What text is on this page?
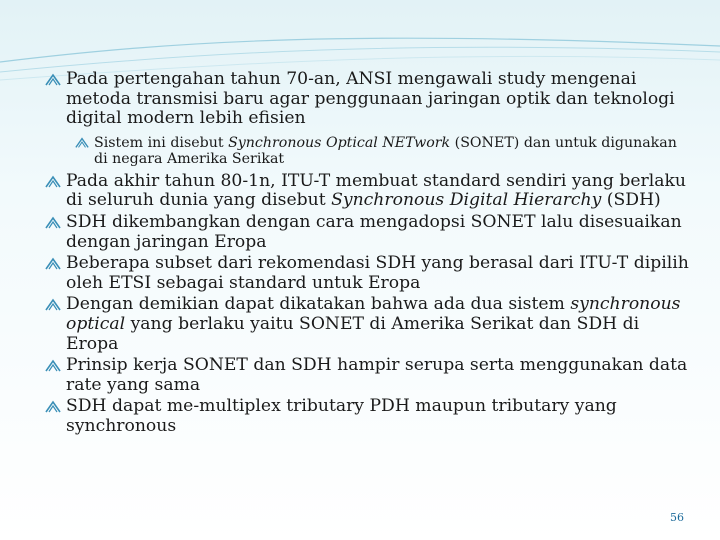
Pada pertengahan tahun 70-an, ANSI mengawali study mengenai metoda transmisi baru agar penggunaan jaringan optik dan teknologi digital modern lebih efisien
Sistem ini disebut Synchronous Optical NETwork (SONET) dan untuk digunakan di negara Amerika Serikat
Pada akhir tahun 80-1n, ITU-T membuat standard sendiri yang berlaku di seluruh dunia yang disebut Synchronous Digital Hierarchy (SDH)
SDH dikembangkan dengan cara mengadopsi SONET lalu disesuaikan dengan jaringan Eropa
Beberapa subset dari rekomendasi SDH yang berasal dari ITU-T dipilih oleh ETSI sebagai standard untuk Eropa
Dengan demikian dapat dikatakan bahwa ada dua sistem synchronous optical yang berlaku yaitu SONET di Amerika Serikat dan SDH di Eropa
Prinsip kerja SONET dan SDH hampir serupa serta menggunakan data rate yang sama
SDH dapat me-multiplex tributary PDH maupun tributary yang synchronous
56
